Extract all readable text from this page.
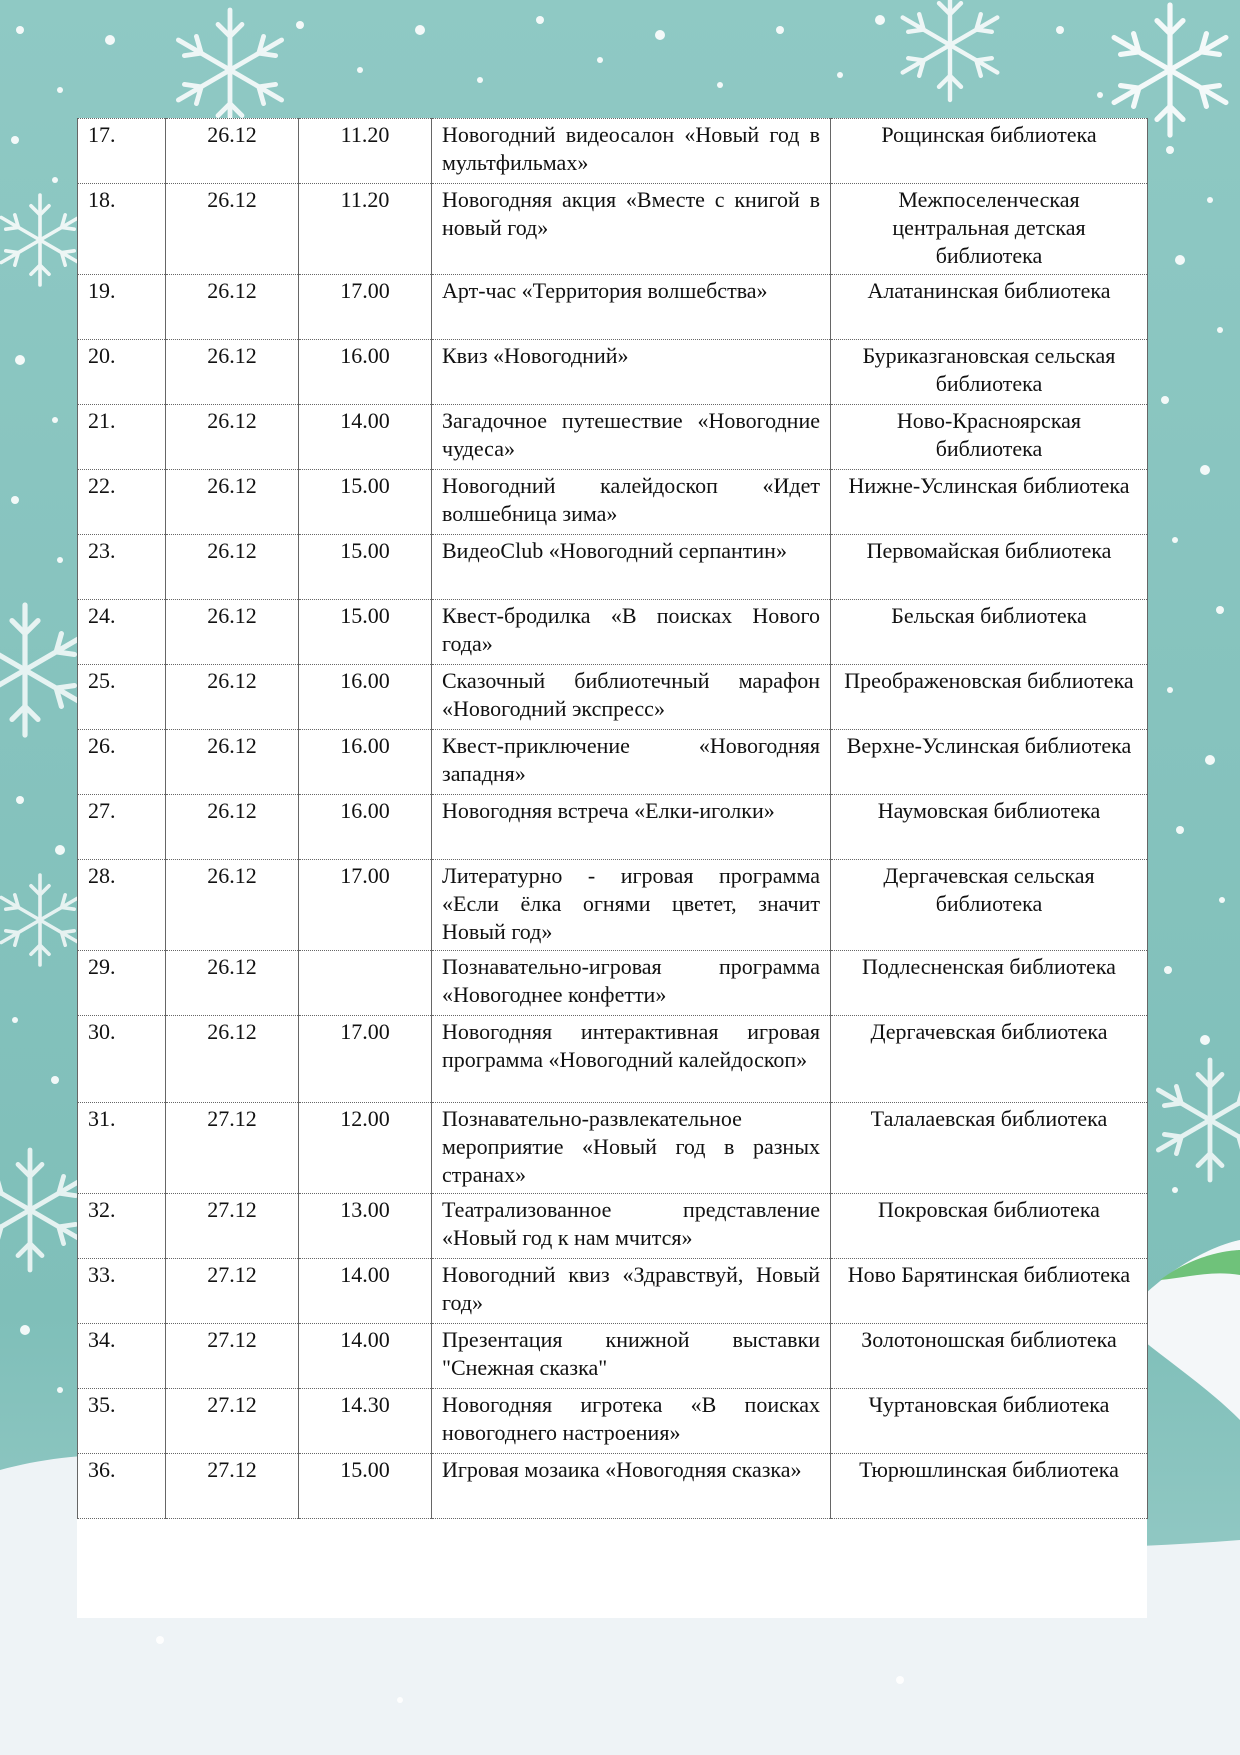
17.	26.12	11.20	Новогодний видеосалон «Новый год в мультфильмах»	Рощинская библиотека
18.	26.12	11.20	Новогодняя акция «Вместе с книгой в новый год»	Межпоселенческая центральная детская библиотека
19.	26.12	17.00	Арт-час «Территория волшебства»	Алатанинская библиотека
20.	26.12	16.00	Квиз «Новогодний»	Буриказгановская сельская библиотека
21.	26.12	14.00	Загадочное путешествие «Новогодние чудеса»	Ново-Красноярская библиотека
22.	26.12	15.00	Новогодний калейдоскоп «Идет волшебница зима»	Нижне-Услинская библиотека
23.	26.12	15.00	ВидеоClub «Новогодний серпантин»	Первомайская библиотека
24.	26.12	15.00	Квест-бродилка «В поисках Нового года»	Бельская библиотека
25.	26.12	16.00	Сказочный библиотечный марафон «Новогодний экспресс»	Преображеновская библиотека
26.	26.12	16.00	Квест-приключение «Новогодняя западня»	Верхне-Услинская библиотека
27.	26.12	16.00	Новогодняя встреча «Елки-иголки»	Наумовская библиотека
28.	26.12	17.00	Литературно - игровая программа «Если ёлка огнями цветет, значит Новый год»	Дергачевская сельская библиотека
29.	26.12		Познавательно-игровая программа «Новогоднее конфетти»	Подлесненская библиотека
30.	26.12	17.00	Новогодняя интерактивная игровая программа «Новогодний калейдоскоп»	Дергачевская библиотека
31.	27.12	12.00	Познавательно-развлекательное мероприятие «Новый год в разных странах»	Талалаевская библиотека
32.	27.12	13.00	Театрализованное представление «Новый год к нам мчится»	Покровская библиотека
33.	27.12	14.00	Новогодний квиз «Здравствуй, Новый год»	Ново Барятинская библиотека
34.	27.12	14.00	Презентация книжной выставки "Снежная сказка"	Золотоношская библиотека
35.	27.12	14.30	Новогодняя игротека «В поисках новогоднего настроения»	Чуртановская библиотека
36.	27.12	15.00	Игровая мозаика «Новогодняя сказка»	Тюрюшлинская библиотека
